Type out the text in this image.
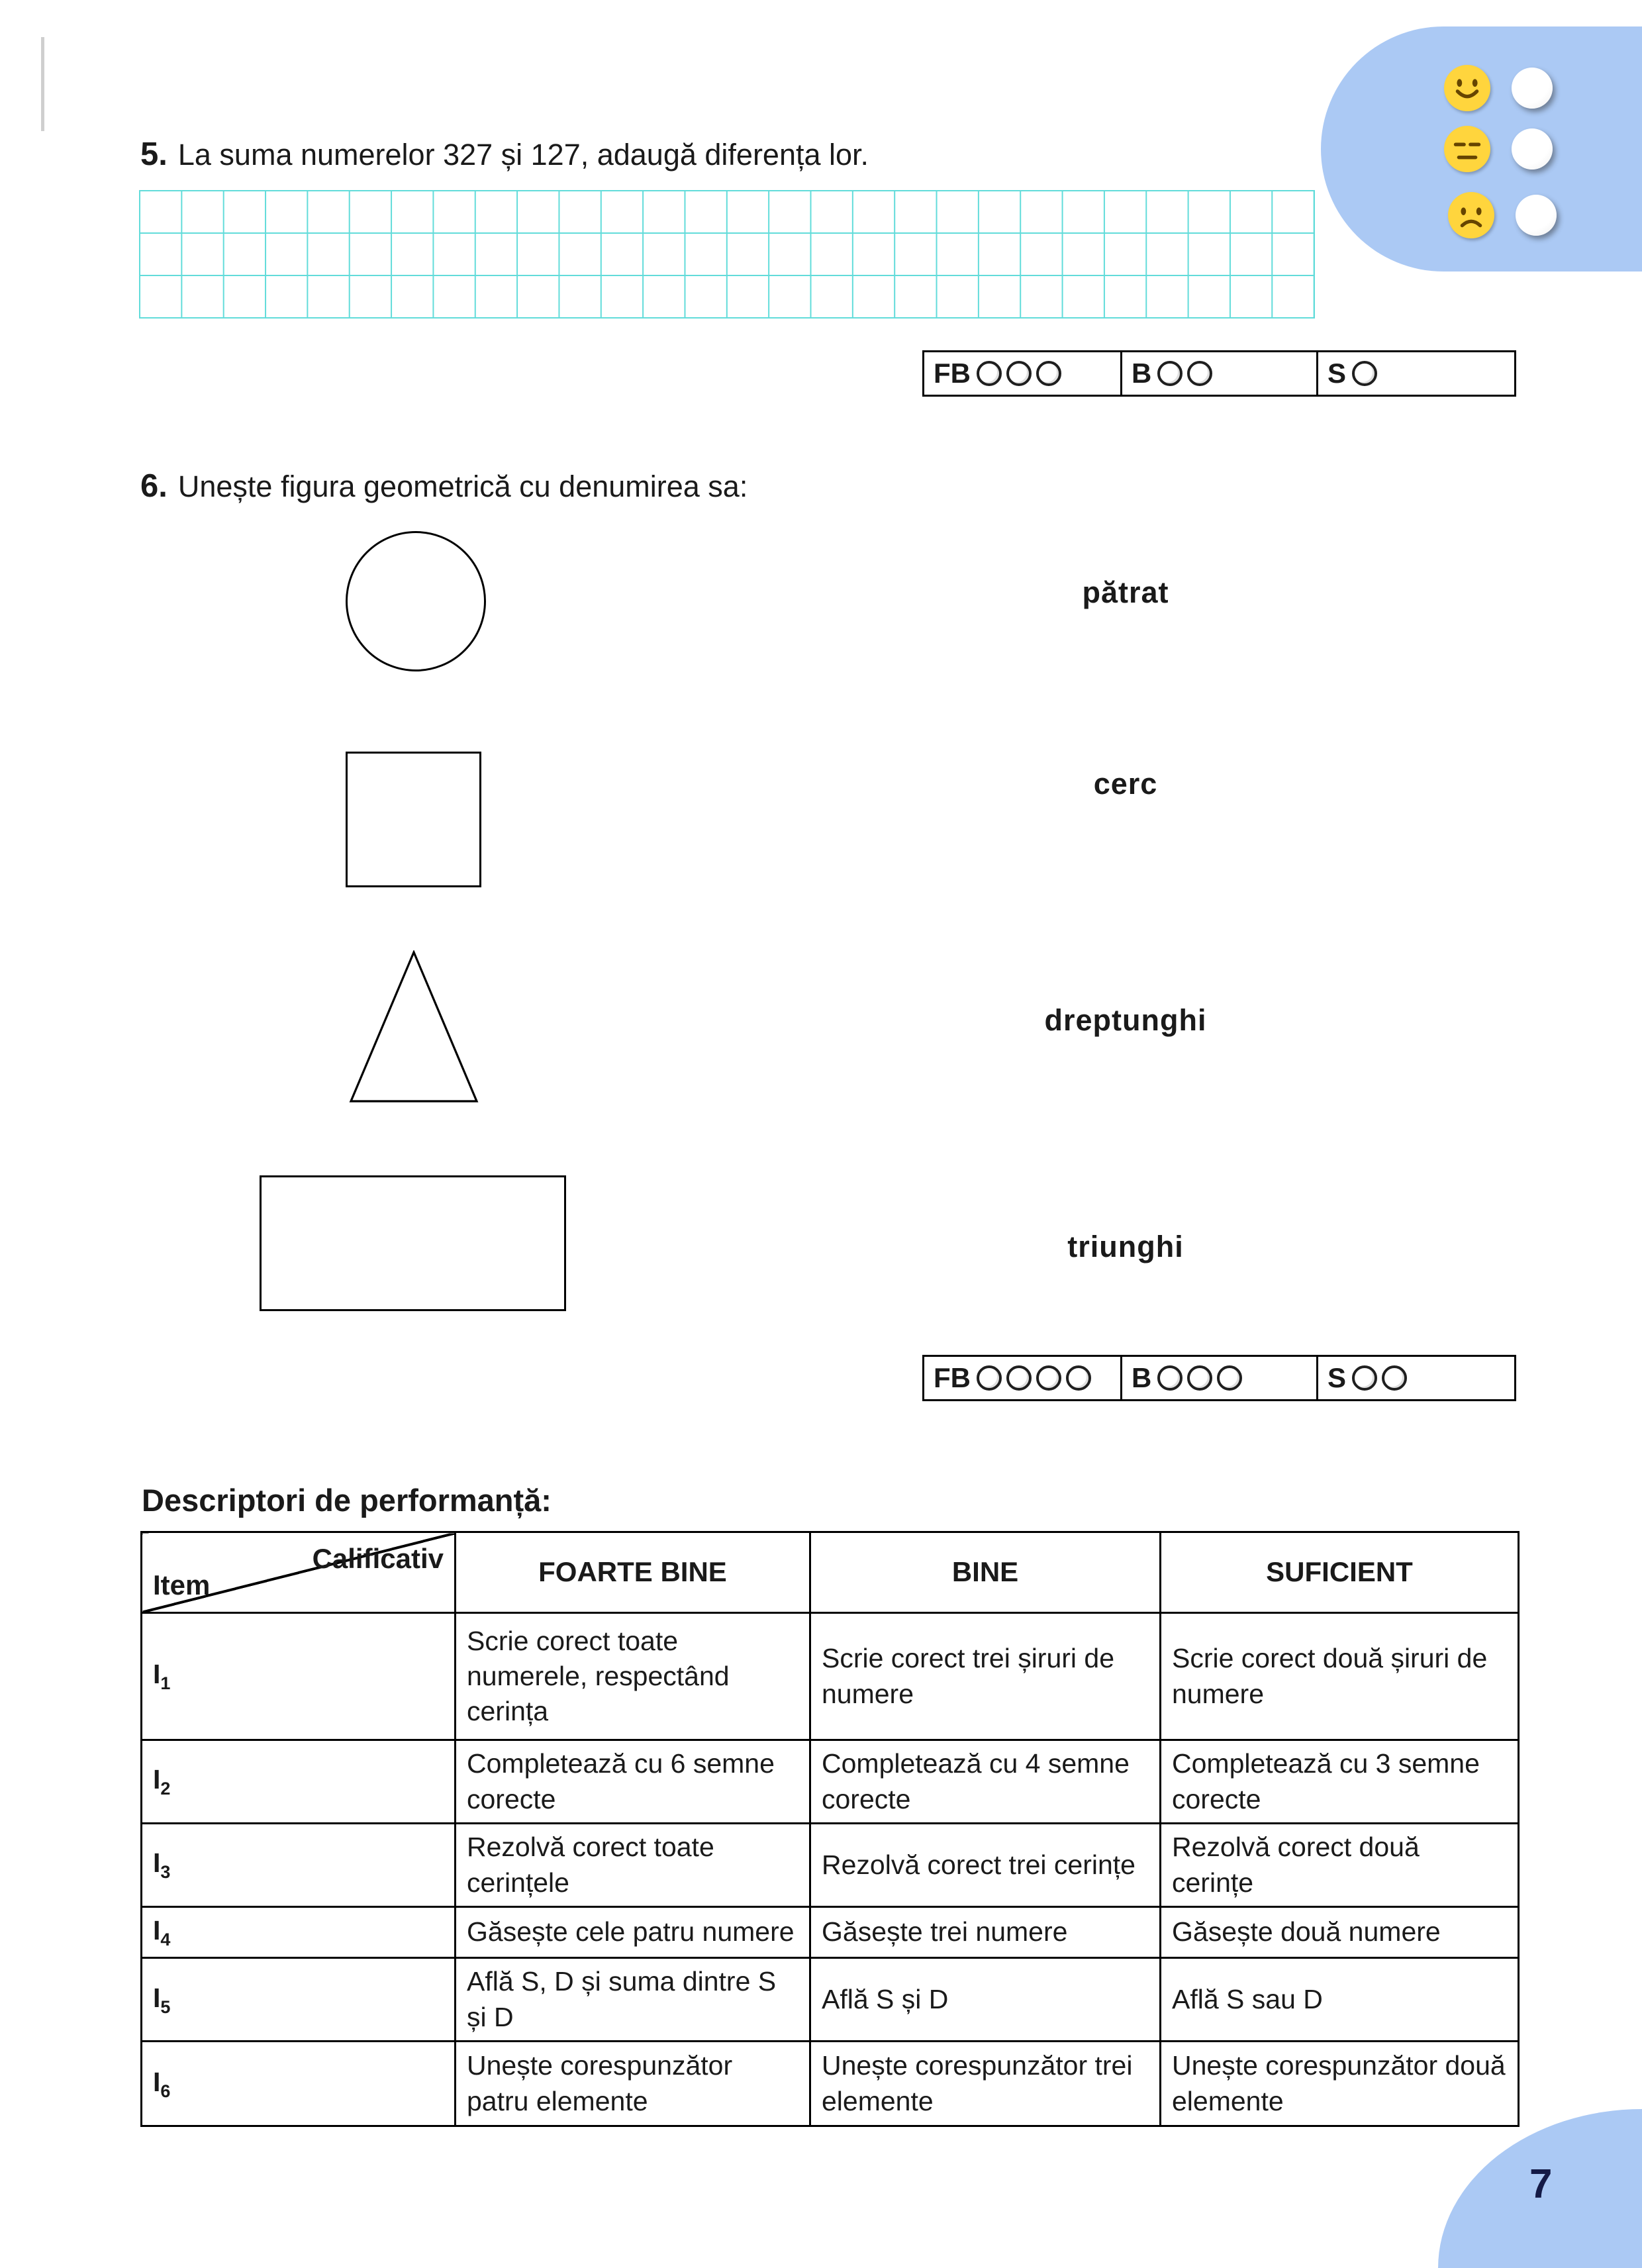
5. La suma numerelor 327 și 127, adaugă diferența lor.
FB	B	S
6. Unește figura geometrică cu denumirea sa:
pătrat
cerc
dreptunghi
triunghi
FB	B	S
Descriptori de performanță:
Calificativ
Item	FOARTE BINE	BINE	SUFICIENT
$I_1$	Scrie corect toate numerele, respectând cerința	Scrie corect trei șiruri de numere	Scrie corect două șiruri de numere
$I_2$	Completează cu 6 semne corecte	Completează cu 4 semne corecte	Completează cu 3 semne corecte
$I_3$	Rezolvă corect toate cerințele	Rezolvă corect trei cerințe	Rezolvă corect două cerințe
$I_4$	Găsește cele patru numere	Găsește trei numere	Găsește două numere
$I_5$	Află S, D și suma dintre S și D	Află S și D	Află S sau D
$I_6$	Unește corespunzător patru elemente	Unește corespunzător trei elemente	Unește corespunzător două elemente
7
